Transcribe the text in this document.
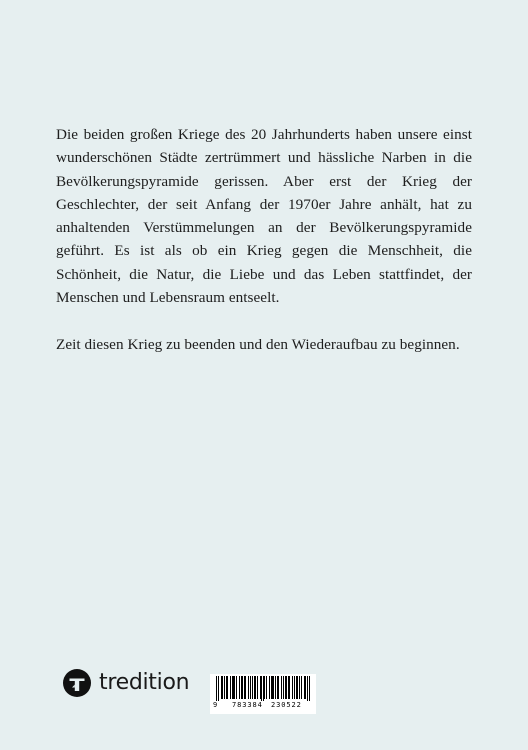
Die beiden großen Kriege des 20 Jahrhunderts haben unsere einst wunderschönen Städte zertrümmert und hässliche Narben in die Bevölkerungspyramide gerissen. Aber erst der Krieg der Geschlechter, der seit Anfang der 1970er Jahre anhält, hat zu anhaltenden Verstümmelungen an der Bevölkerungspyramide geführt. Es ist als ob ein Krieg gegen die Menschheit, die Schönheit, die Natur, die Liebe und das Leben stattfindet, der Menschen und Lebensraum entseelt.

Zeit diesen Krieg zu beenden und den Wiederaufbau zu beginnen.

tredition
9 783384 230522
